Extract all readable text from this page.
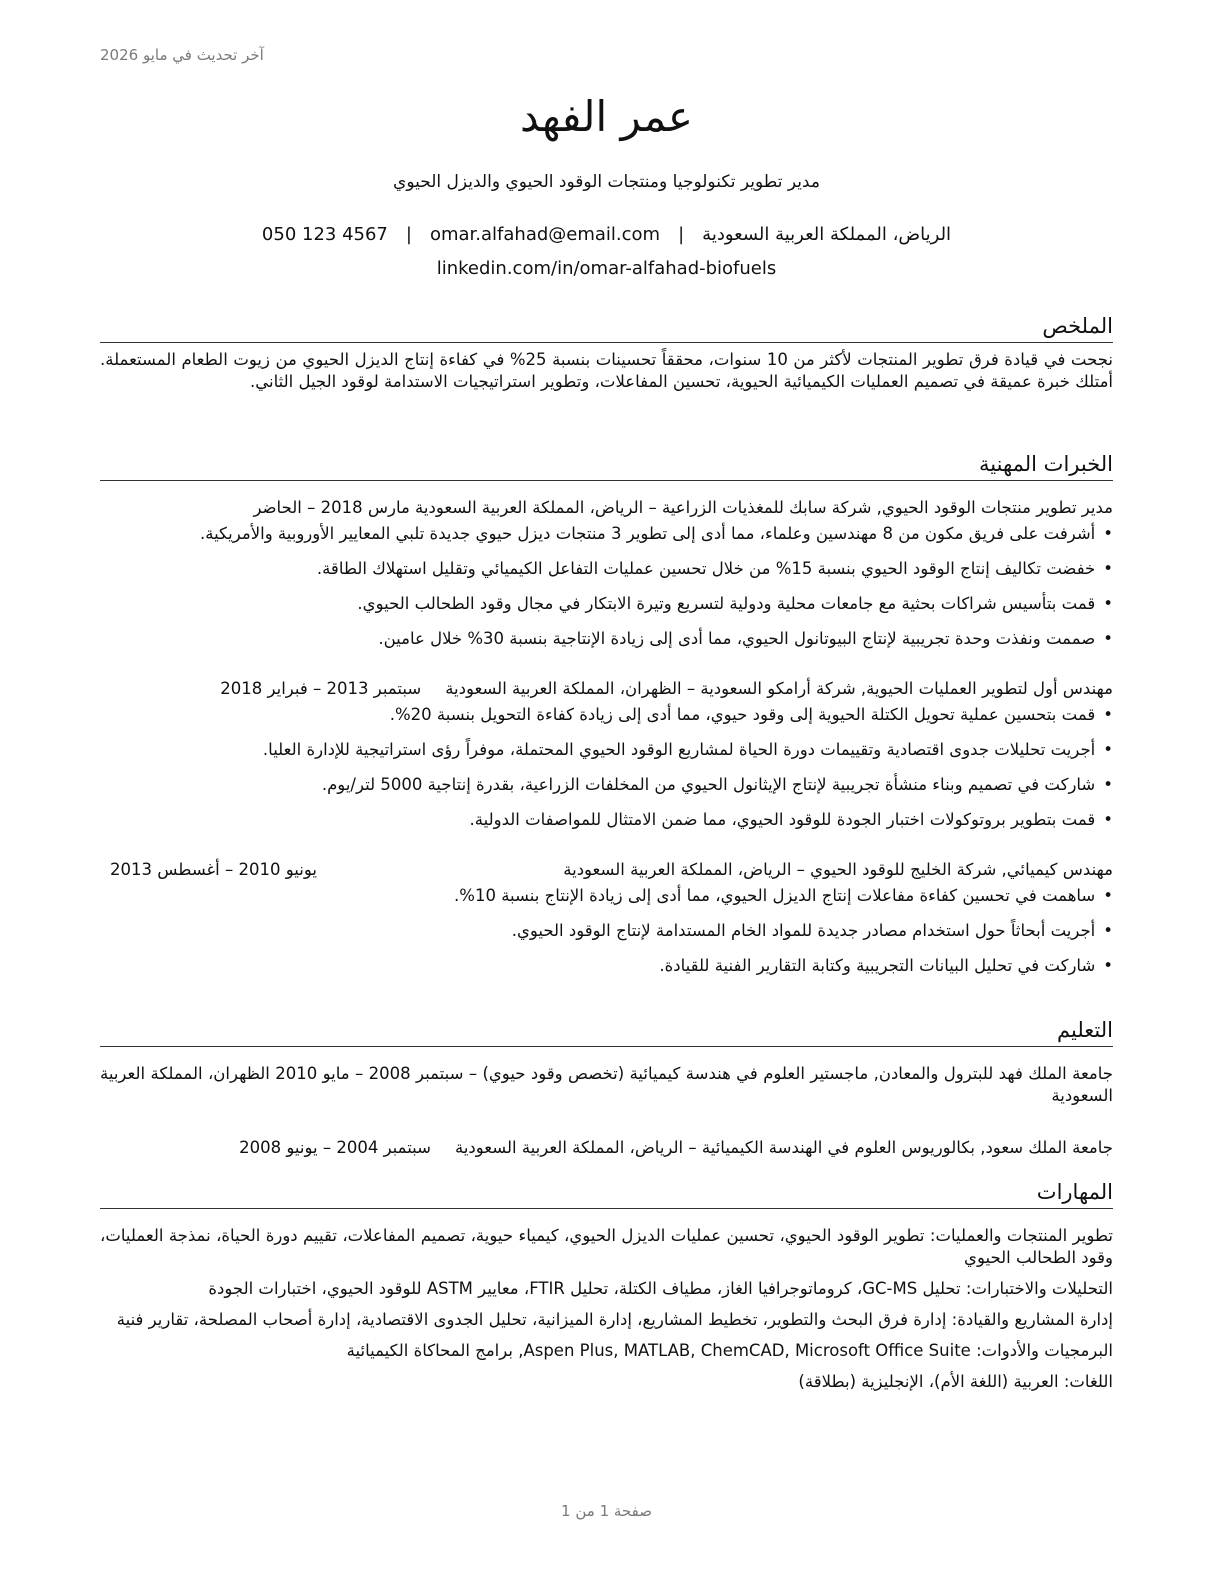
آخر تحديث في مايو 2026
عمر الفهد
مدير تطوير تكنولوجيا ومنتجات الوقود الحيوي والديزل الحيوي
الرياض، المملكة العربية السعودية|omar.alfahad@email.com|050 123 4567
linkedin.com/in/omar-alfahad-biofuels
الملخص
نجحت في قيادة فرق تطوير المنتجات لأكثر من 10 سنوات، محققاً تحسينات بنسبة 25% في كفاءة إنتاج الديزل الحيوي من زيوت الطعام المستعملة. أمتلك خبرة عميقة في تصميم العمليات الكيميائية الحيوية، تحسين المفاعلات، وتطوير استراتيجيات الاستدامة لوقود الجيل الثاني.
الخبرات المهنية
مدير تطوير منتجات الوقود الحيوي, شركة سابك للمغذيات الزراعية – الرياض، المملكة العربية السعودية مارس 2018 – الحاضر
•أشرفت على فريق مكون من 8 مهندسين وعلماء، مما أدى إلى تطوير 3 منتجات ديزل حيوي جديدة تلبي المعايير الأوروبية والأمريكية.
•خفضت تكاليف إنتاج الوقود الحيوي بنسبة 15% من خلال تحسين عمليات التفاعل الكيميائي وتقليل استهلاك الطاقة.
•قمت بتأسيس شراكات بحثية مع جامعات محلية ودولية لتسريع وتيرة الابتكار في مجال وقود الطحالب الحيوي.
•صممت ونفذت وحدة تجريبية لإنتاج البيوتانول الحيوي، مما أدى إلى زيادة الإنتاجية بنسبة 30% خلال عامين.
مهندس أول لتطوير العمليات الحيوية, شركة أرامكو السعودية – الظهران، المملكة العربية السعودية
سبتمبر 2013 – فبراير 2018
•قمت بتحسين عملية تحويل الكتلة الحيوية إلى وقود حيوي، مما أدى إلى زيادة كفاءة التحويل بنسبة 20%.
•أجريت تحليلات جدوى اقتصادية وتقييمات دورة الحياة لمشاريع الوقود الحيوي المحتملة، موفراً رؤى استراتيجية للإدارة العليا.
•شاركت في تصميم وبناء منشأة تجريبية لإنتاج الإيثانول الحيوي من المخلفات الزراعية، بقدرة إنتاجية 5000 لتر/يوم.
•قمت بتطوير بروتوكولات اختبار الجودة للوقود الحيوي، مما ضمن الامتثال للمواصفات الدولية.
مهندس كيميائي, شركة الخليج للوقود الحيوي – الرياض، المملكة العربية السعودية
يونيو 2010 – أغسطس 2013
•ساهمت في تحسين كفاءة مفاعلات إنتاج الديزل الحيوي، مما أدى إلى زيادة الإنتاج بنسبة 10%.
•أجريت أبحاثاً حول استخدام مصادر جديدة للمواد الخام المستدامة لإنتاج الوقود الحيوي.
•شاركت في تحليل البيانات التجريبية وكتابة التقارير الفنية للقيادة.
التعليم
جامعة الملك فهد للبترول والمعادن, ماجستير العلوم في هندسة كيميائية (تخصص وقود حيوي) – سبتمبر 2008 – مايو 2010 الظهران، المملكة العربية السعودية
جامعة الملك سعود, بكالوريوس العلوم في الهندسة الكيميائية – الرياض، المملكة العربية السعودية
سبتمبر 2004 – يونيو 2008
المهارات
تطوير المنتجات والعمليات: تطوير الوقود الحيوي، تحسين عمليات الديزل الحيوي، كيمياء حيوية، تصميم المفاعلات، تقييم دورة الحياة، نمذجة العمليات، وقود الطحالب الحيوي
التحليلات والاختبارات: تحليل GC-MS، كروماتوجرافيا الغاز، مطياف الكتلة، تحليل FTIR، معايير ASTM للوقود الحيوي، اختبارات الجودة
إدارة المشاريع والقيادة: إدارة فرق البحث والتطوير، تخطيط المشاريع، إدارة الميزانية، تحليل الجدوى الاقتصادية، إدارة أصحاب المصلحة، تقارير فنية
البرمجيات والأدوات: Aspen Plus, MATLAB, ChemCAD, Microsoft Office Suite, برامج المحاكاة الكيميائية
اللغات: العربية (اللغة الأم)، الإنجليزية (بطلاقة)
صفحة 1 من 1
